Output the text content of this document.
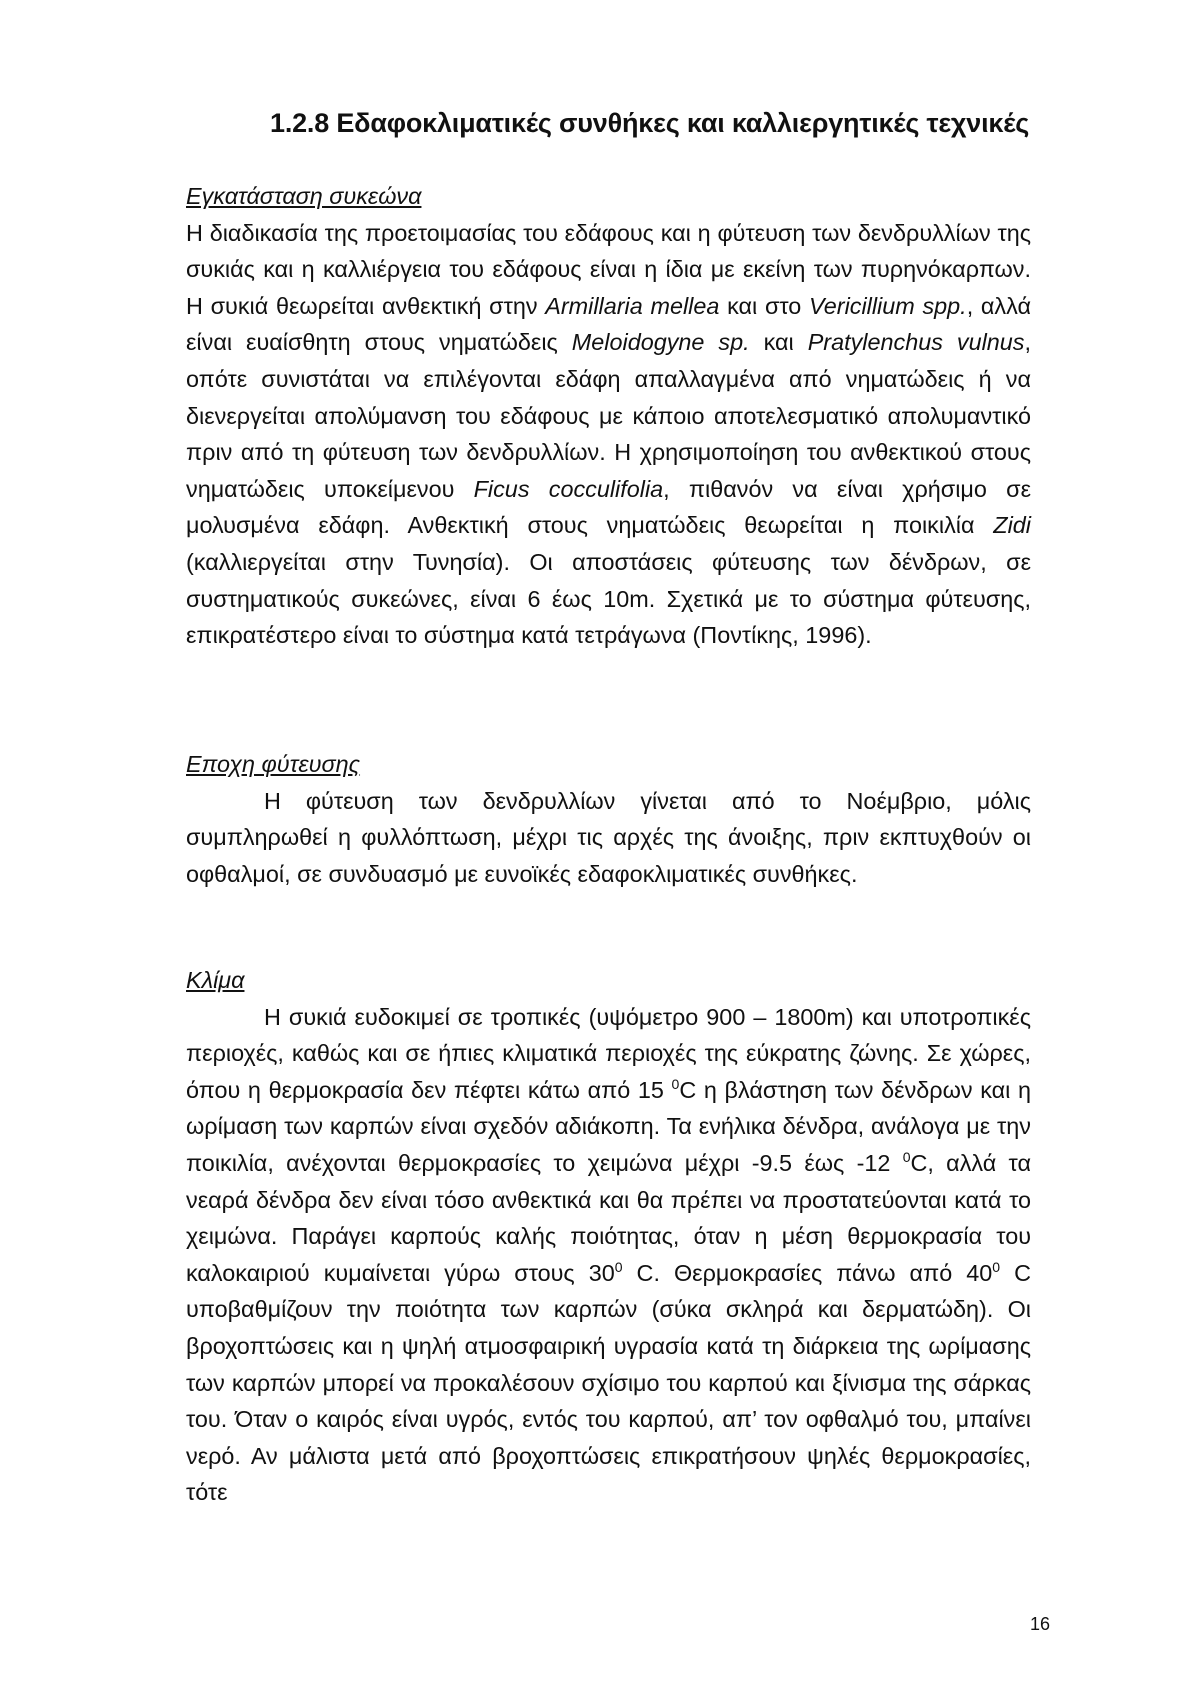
1.2.8 Εδαφοκλιματικές συνθήκες και καλλιεργητικές τεχνικές
Εγκατάσταση συκεώνα
Η διαδικασία της προετοιμασίας του εδάφους και η φύτευση των δενδρυλλίων της συκιάς και η καλλιέργεια του εδάφους είναι η ίδια με εκείνη των πυρηνόκαρπων. Η συκιά θεωρείται ανθεκτική στην Armillaria mellea και στο Vericillium spp., αλλά είναι ευαίσθητη στους νηματώδεις Meloidogyne sp. και Pratylenchus vulnus, οπότε συνιστάται να επιλέγονται εδάφη απαλλαγμένα από νηματώδεις ή να διενεργείται απολύμανση του εδάφους με κάποιο αποτελεσματικό απολυμαντικό πριν από τη φύτευση των δενδρυλλίων. Η χρησιμοποίηση του ανθεκτικού στους νηματώδεις υποκείμενου Ficus cocculifolia, πιθανόν να είναι χρήσιμο σε μολυσμένα εδάφη. Ανθεκτική στους νηματώδεις θεωρείται η ποικιλία Zidi (καλλιεργείται στην Τυνησία). Οι αποστάσεις φύτευσης των δένδρων, σε συστηματικούς συκεώνες, είναι 6 έως 10m. Σχετικά με το σύστημα φύτευσης, επικρατέστερο είναι το σύστημα κατά τετράγωνα (Ποντίκης, 1996).
Εποχη φύτευσης
Η φύτευση των δενδρυλλίων γίνεται από το Νοέμβριο, μόλις συμπληρωθεί η φυλλόπτωση, μέχρι τις αρχές της άνοιξης, πριν εκπτυχθούν οι οφθαλμοί, σε συνδυασμό με ευνοϊκές εδαφοκλιματικές συνθήκες.
Κλίμα
Η συκιά ευδοκιμεί σε τροπικές (υψόμετρο 900 – 1800m) και υποτροπικές περιοχές, καθώς και σε ήπιες κλιματικά περιοχές της εύκρατης ζώνης. Σε χώρες, όπου η θερμοκρασία δεν πέφτει κάτω από 15 $^0$C η βλάστηση των δένδρων και η ωρίμαση των καρπών είναι σχεδόν αδιάκοπη. Τα ενήλικα δένδρα, ανάλογα με την ποικιλία, ανέχονται θερμοκρασίες το χειμώνα μέχρι -9.5 έως -12 $^0$C, αλλά τα νεαρά δένδρα δεν είναι τόσο ανθεκτικά και θα πρέπει να προστατεύονται κατά το χειμώνα. Παράγει καρπούς καλής ποιότητας, όταν η μέση θερμοκρασία του καλοκαιριού κυμαίνεται γύρω στους $30^0$ C. Θερμοκρασίες πάνω από $40^0$ C υποβαθμίζουν την ποιότητα των καρπών (σύκα σκληρά και δερματώδη). Οι βροχοπτώσεις και η ψηλή ατμοσφαιρική υγρασία κατά τη διάρκεια της ωρίμασης των καρπών μπορεί να προκαλέσουν σχίσιμο του καρπού και ξίνισμα της σάρκας του. Όταν ο καιρός είναι υγρός, εντός του καρπού, απ’ τον οφθαλμό του, μπαίνει νερό. Αν μάλιστα μετά από βροχοπτώσεις επικρατήσουν ψηλές θερμοκρασίες, τότε
16
